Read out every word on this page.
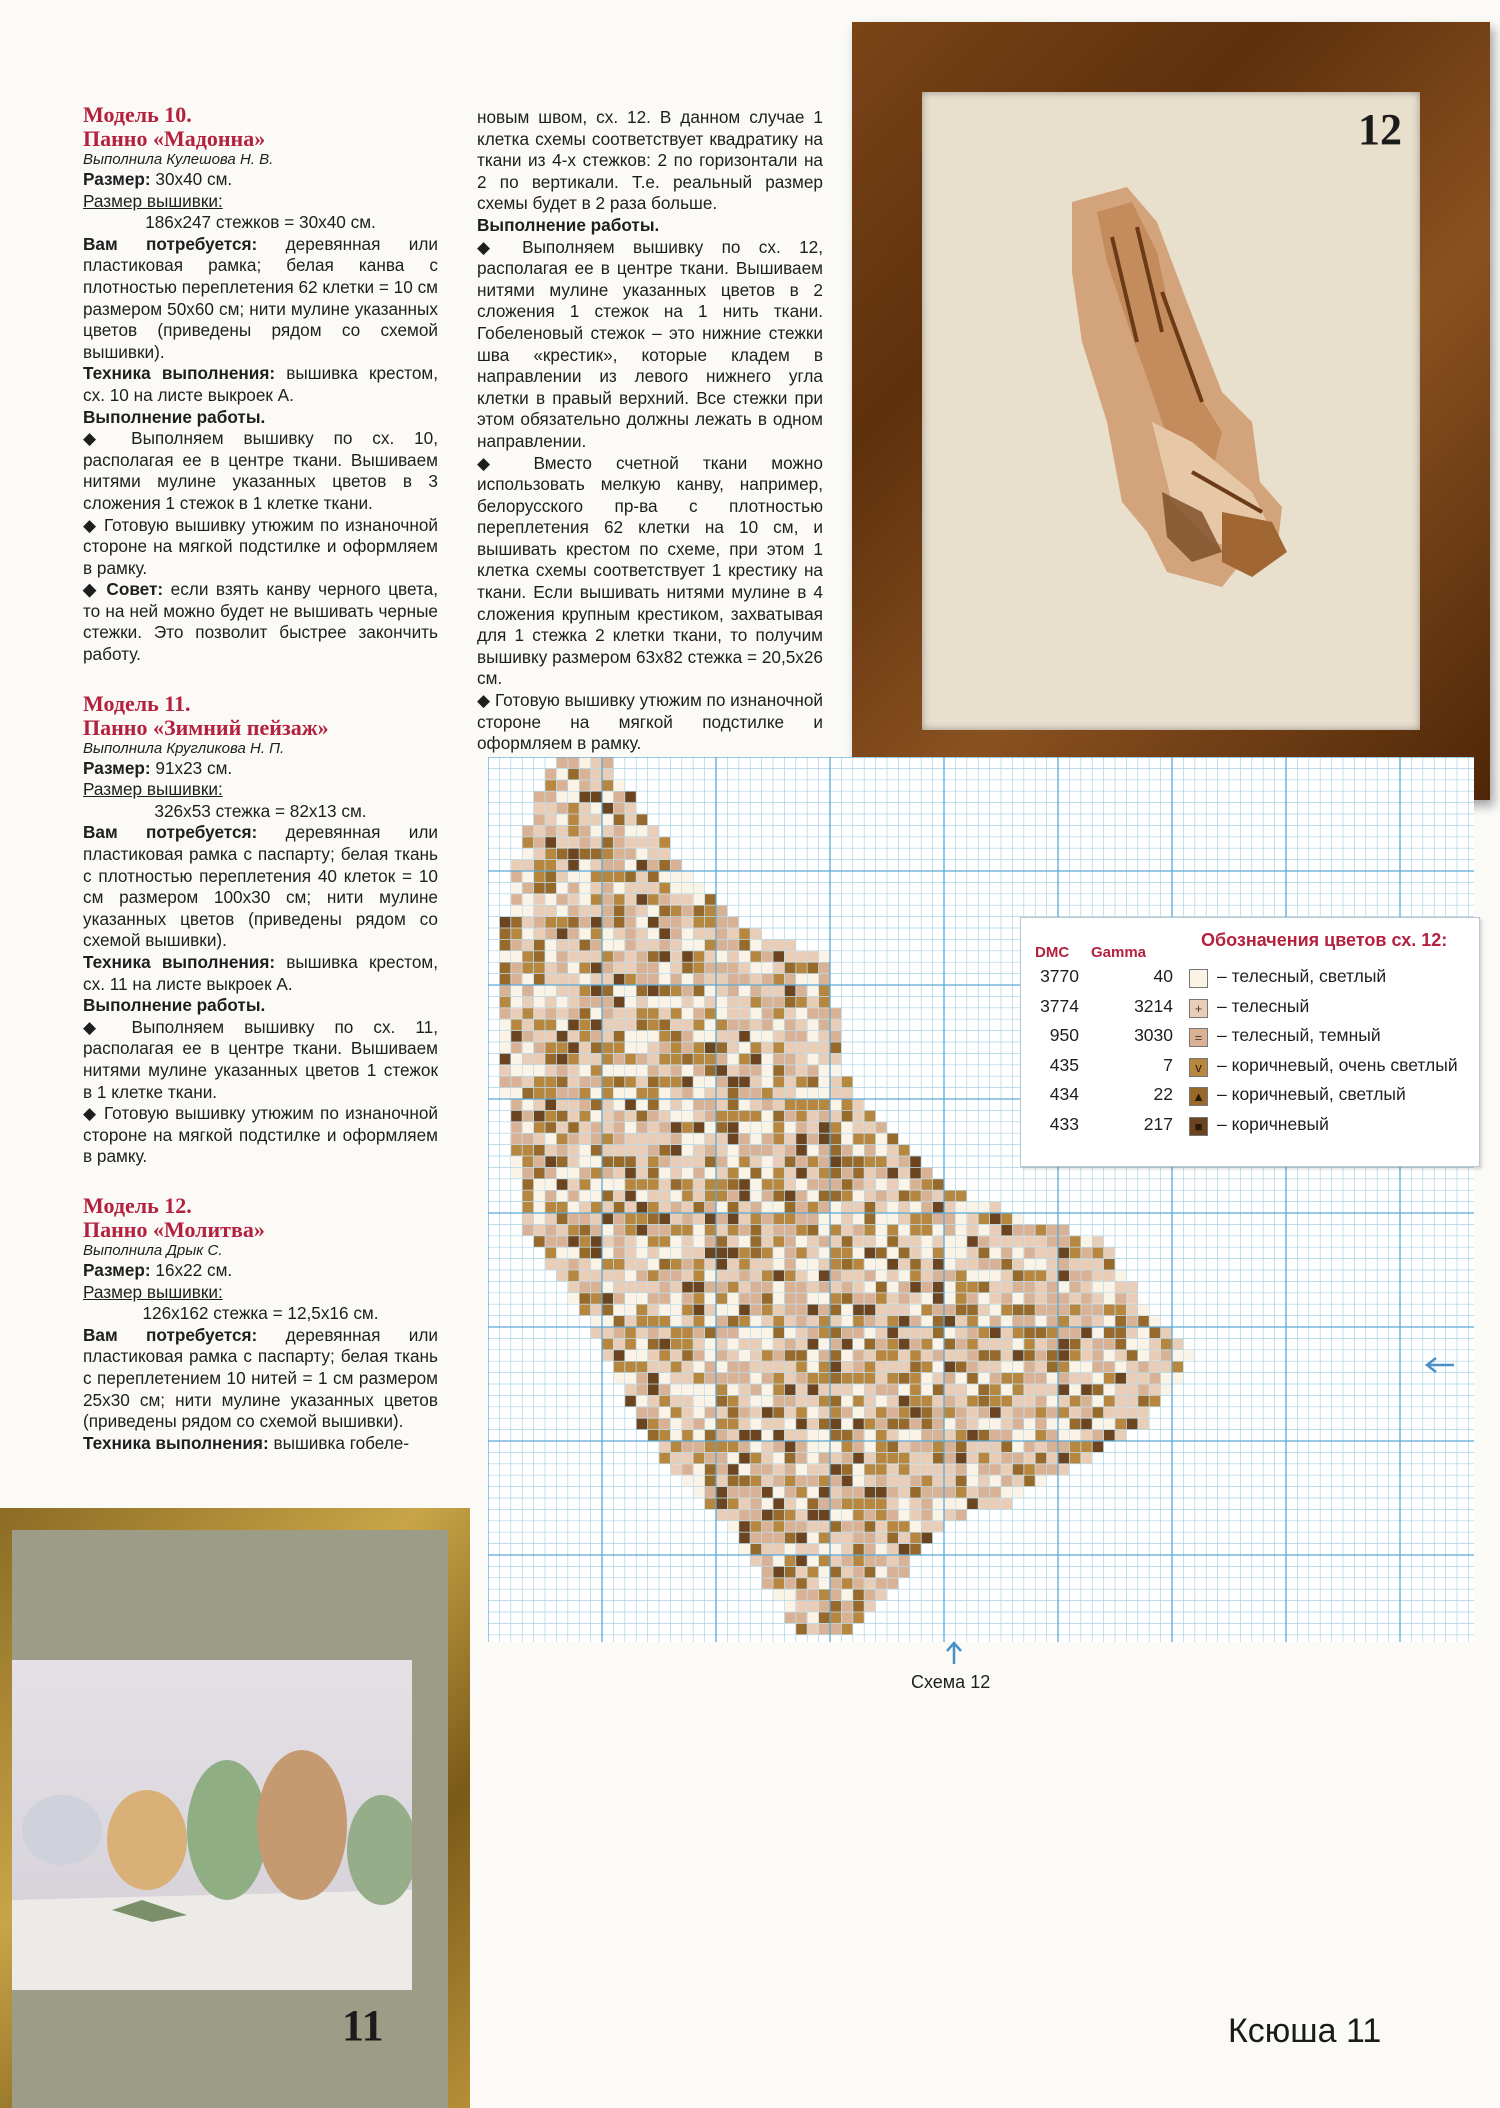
Модель 10.

Панно «Мадонна»

Выполнила Кулешова Н. В.

Размер: 30х40 см.

Размер вышивки:

186х247 стежков = 30х40 см.

Вам потребуется: деревянная или пластиковая рамка; белая канва с плотностью переплетения 62 клетки = 10 см размером 50х60 см; нити мулине указанных цветов (приведены рядом со схемой вышивки).

Техника выполнения: вышивка крестом, сх. 10 на листе выкроек А.

Выполнение работы.

◆ Выполняем вышивку по сх. 10, располагая ее в центре ткани. Вышиваем нитями мулине указанных цветов в 3 сложения 1 стежок в 1 клетке ткани.

◆ Готовую вышивку утюжим по изнаночной стороне на мягкой подстилке и оформляем в рамку.

◆ Совет: если взять канву черного цвета, то на ней можно будет не вышивать черные стежки. Это позволит быстрее закончить работу.

Модель 11.

Панно «Зимний пейзаж»

Выполнила Кругликова Н. П.

Размер: 91х23 см.

Размер вышивки:

326х53 стежка = 82х13 см.

Вам потребуется: деревянная или пластиковая рамка с паспарту; белая ткань с плотностью переплетения 40 клеток = 10 см размером 100х30 см; нити мулине указанных цветов (приведены рядом со схемой вышивки).

Техника выполнения: вышивка крестом, сх. 11 на листе выкроек А.

Выполнение работы.

◆ Выполняем вышивку по сх. 11, располагая ее в центре ткани. Вышиваем нитями мулине указанных цветов 1 стежок в 1 клетке ткани.

◆ Готовую вышивку утюжим по изнаночной стороне на мягкой подстилке и оформляем в рамку.

Модель 12.

Панно «Молитва»

Выполнила Дрык С.

Размер: 16х22 см.

Размер вышивки:

126х162 стежка = 12,5х16 см.

Вам потребуется: деревянная или пластиковая рамка с паспарту; белая ткань с переплетением 10 нитей = 1 см размером 25х30 см; нити мулине указанных цветов (приведены рядом со схемой вышивки).

Техника выполнения: вышивка гобеле-

новым швом, сх. 12. В данном случае 1 клетка схемы соответствует квадратику на ткани из 4-х стежков: 2 по горизонтали на 2 по вертикали. Т.е. реальный размер схемы будет в 2 раза больше.

Выполнение работы.

◆ Выполняем вышивку по сх. 12, располагая ее в центре ткани. Вышиваем нитями мулине указанных цветов в 2 сложения 1 стежок на 1 нить ткани. Гобеленовый стежок – это нижние стежки шва «крестик», которые кладем в направлении из левого нижнего угла клетки в правый верхний. Все стежки при этом обязательно должны лежать в одном направлении.

◆ Вместо счетной ткани можно использовать мелкую канву, например, белорусского пр-ва с плотностью переплетения 62 клетки на 10 см, и вышивать крестом по схеме, при этом 1 клетка схемы соответствует 1 крестику на ткани. Если вышивать нитями мулине в 4 сложения крупным крестиком, захватывая для 1 стежка 2 клетки ткани, то получим вышивку размером 63х82 стежка = 20,5х26 см.

◆ Готовую вышивку утюжим по изнаночной стороне на мягкой подстилке и оформляем в рамку.

12
11
Схема 12
Обозначения цветов сх. 12:
DMC Gamma
3770	40	– телесный, светлый
3774	3214	+ – телесный
950	3030	= – телесный, темный
435	7	v – коричневый, очень светлый
434	22 ▲ – коричневый, светлый
433	217	■ – коричневый
Ксюша 11
